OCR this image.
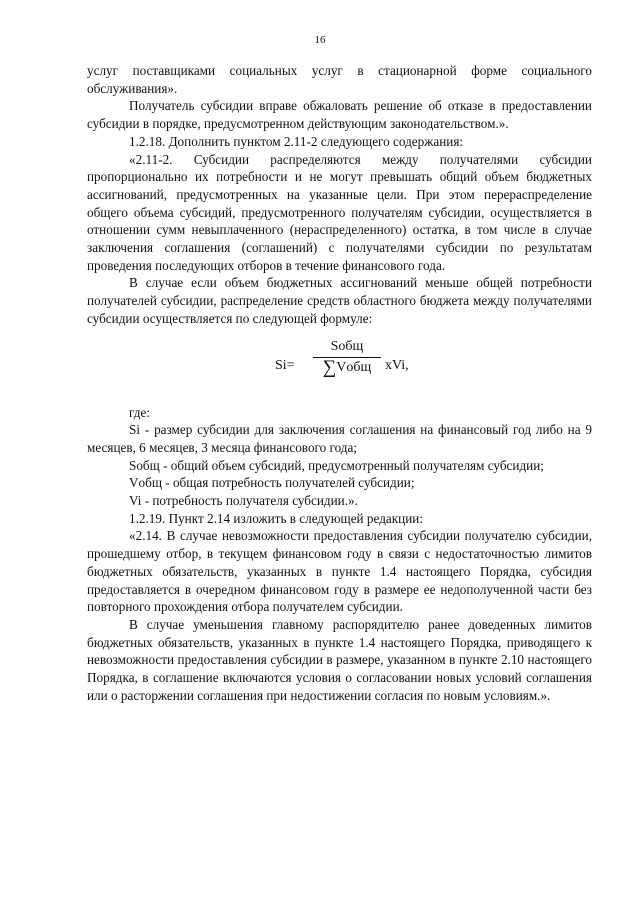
16

услуг поставщиками социальных услуг в стационарной форме социального обслуживания».

Получатель субсидии вправе обжаловать решение об отказе в предоставлении субсидии в порядке, предусмотренном действующим законодательством.».

1.2.18. Дополнить пунктом 2.11-2 следующего содержания:

«2.11-2. Субсидии распределяются между получателями субсидии пропорционально их потребности и не могут превышать общий объем бюджетных ассигнований, предусмотренных на указанные цели. При этом перераспределение общего объема субсидий, предусмотренного получателям субсидии, осуществляется в отношении сумм невыплаченного (нераспределенного) остатка, в том числе в случае заключения соглашения (соглашений) с получателями субсидии по результатам проведения последующих отборов в течение финансового года.

В случае если объем бюджетных ассигнований меньше общей потребности получателей субсидии, распределение средств областного бюджета между получателями субсидии осуществляется по следующей формуле:

Si=
Sобщ
∑Vобщ xVi,

где:

Si - размер субсидии для заключения соглашения на финансовый год либо на 9 месяцев, 6 месяцев, 3 месяца финансового года;

Sобщ - общий объем субсидий, предусмотренный получателям субсидии;

Vобщ - общая потребность получателей субсидии;

Vi - потребность получателя субсидии.».

1.2.19. Пункт 2.14 изложить в следующей редакции:

«2.14. В случае невозможности предоставления субсидии получателю субсидии, прошедшему отбор, в текущем финансовом году в связи с недостаточностью лимитов бюджетных обязательств, указанных в пункте 1.4 настоящего Порядка, субсидия предоставляется в очередном финансовом году в размере ее недополученной части без повторного прохождения отбора получателем субсидии.

В случае уменьшения главному распорядителю ранее доведенных лимитов бюджетных обязательств, указанных в пункте 1.4 настоящего Порядка, приводящего к невозможности предоставления субсидии в размере, указанном в пункте 2.10 настоящего Порядка, в соглашение включаются условия о согласовании новых условий соглашения или о расторжении соглашения при недостижении согласия по новым условиям.».
